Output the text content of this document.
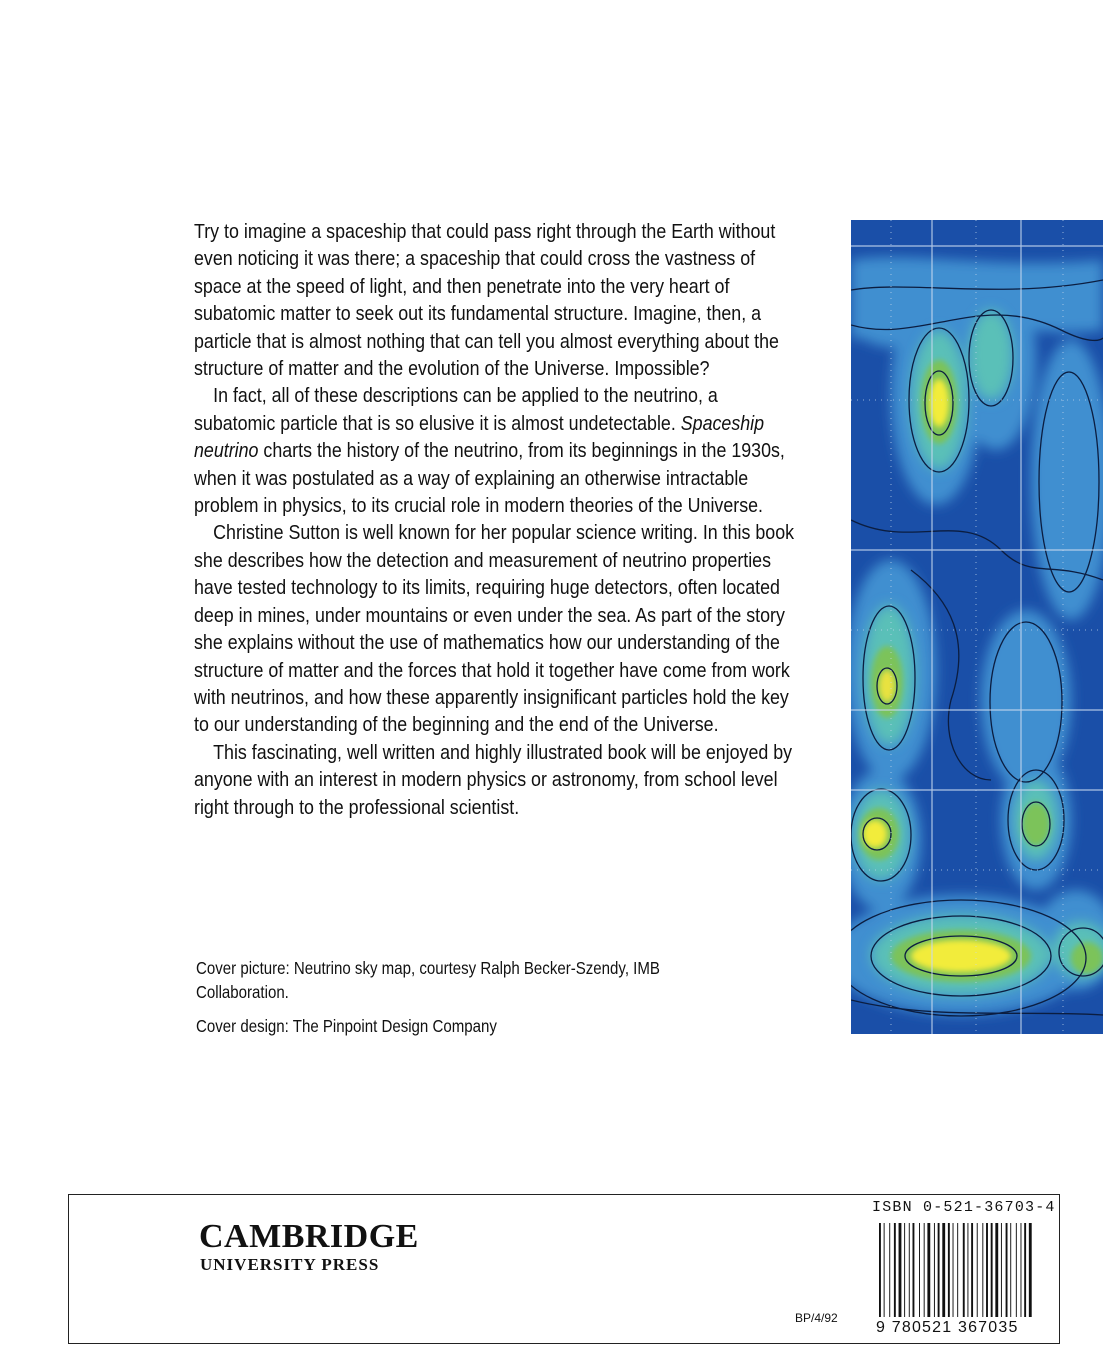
Try to imagine a spaceship that could pass right through the Earth without even noticing it was there; a spaceship that could cross the vastness of space at the speed of light, and then penetrate into the very heart of subatomic matter to seek out its fundamental structure. Imagine, then, a particle that is almost nothing that can tell you almost everything about the structure of matter and the evolution of the Universe. Impossible?

In fact, all of these descriptions can be applied to the neutrino, a subatomic particle that is so elusive it is almost undetectable. Spaceship neutrino charts the history of the neutrino, from its beginnings in the 1930s, when it was postulated as a way of explaining an otherwise intractable problem in physics, to its crucial role in modern theories of the Universe.

Christine Sutton is well known for her popular science writing. In this book she describes how the detection and measurement of neutrino properties have tested technology to its limits, requiring huge detectors, often located deep in mines, under mountains or even under the sea. As part of the story she explains without the use of mathematics how our understanding of the structure of matter and the forces that hold it together have come from work with neutrinos, and how these apparently insignificant particles hold the key to our understanding of the beginning and the end of the Universe.

This fascinating, well written and highly illustrated book will be enjoyed by anyone with an interest in modern physics or astronomy, from school level right through to the professional scientist.

Cover picture: Neutrino sky map, courtesy Ralph Becker-Szendy, IMB Collaboration.

Cover design: The Pinpoint Design Company

CAMBRIDGE
UNIVERSITY PRESS
ISBN 0-521-36703-4
BP/4/92
9 780521 367035
